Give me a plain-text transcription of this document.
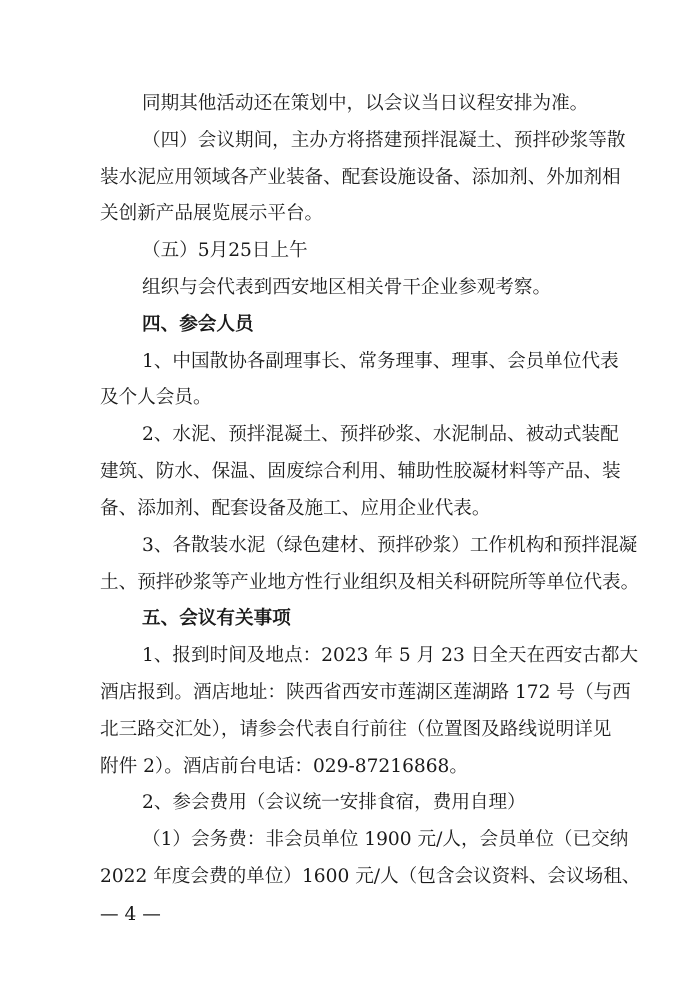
同期其他活动还在策划中，以会议当日议程安排为准。
（四）会议期间，主办方将搭建预拌混凝土、预拌砂浆等散
装水泥应用领域各产业装备、配套设施设备、添加剂、外加剂相
关创新产品展览展示平台。
（五）5月25日上午
组织与会代表到西安地区相关骨干企业参观考察。
四、参会人员
1、中国散协各副理事长、常务理事、理事、会员单位代表
及个人会员。
2、水泥、预拌混凝土、预拌砂浆、水泥制品、被动式装配
建筑、防水、保温、固废综合利用、辅助性胶凝材料等产品、装
备、添加剂、配套设备及施工、应用企业代表。
3、各散装水泥（绿色建材、预拌砂浆）工作机构和预拌混凝
土、预拌砂浆等产业地方性行业组织及相关科研院所等单位代表。
五、会议有关事项
1、报到时间及地点：2023 年 5 月 23 日全天在西安古都大
酒店报到。酒店地址：陕西省西安市莲湖区莲湖路 172 号（与西
北三路交汇处），请参会代表自行前往（位置图及路线说明详见
附件 2）。酒店前台电话：029-87216868。
2、参会费用（会议统一安排食宿，费用自理）
（1）会务费：非会员单位 1900 元/人，会员单位（已交纳
2022 年度会费的单位）1600 元/人（包含会议资料、会议场租、
— 4 —
